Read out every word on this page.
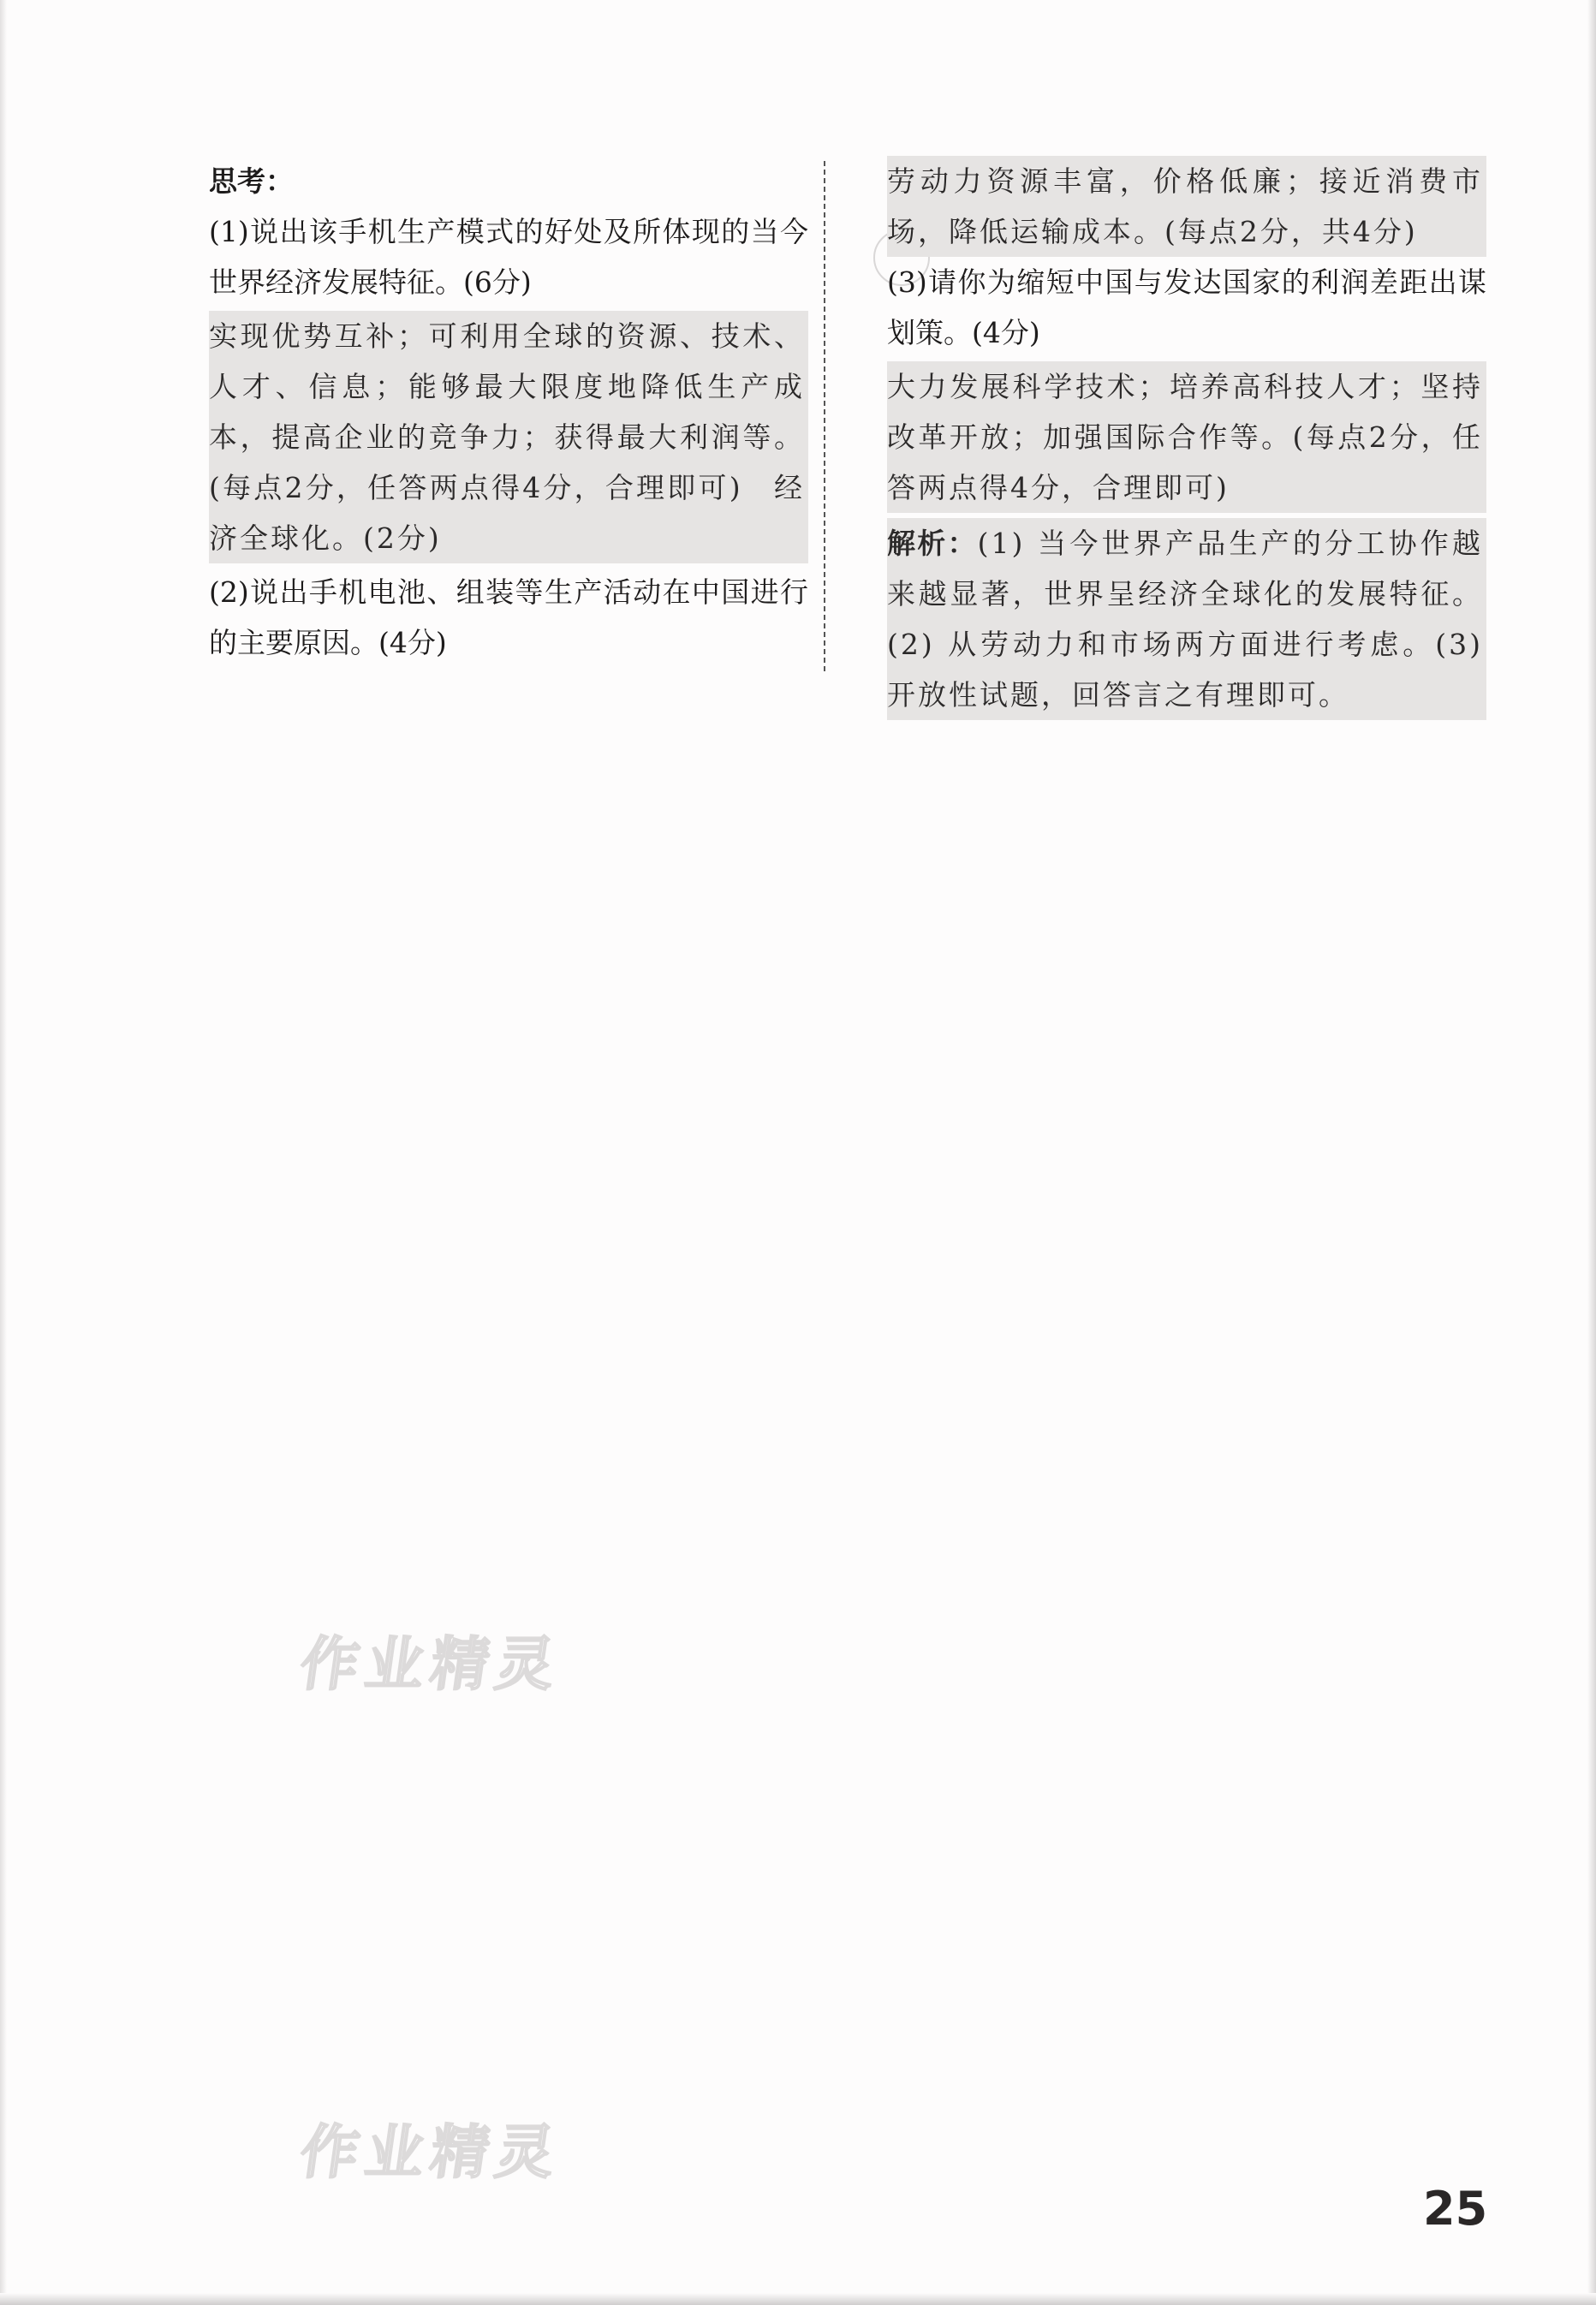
思考：

(1)说出该手机生产模式的好处及所体现的当今世界经济发展特征。(6分)

实现优势互补；可利用全球的资源、技术、人才、信息；能够最大限度地降低生产成本，提高企业的竞争力；获得最大利润等。(每点2分，任答两点得4分，合理即可)　经济全球化。(2分)

(2)说出手机电池、组装等生产活动在中国进行的主要原因。(4分)

劳动力资源丰富，价格低廉；接近消费市场，降低运输成本。(每点2分，共4分)

(3)请你为缩短中国与发达国家的利润差距出谋划策。(4分)

大力发展科学技术；培养高科技人才；坚持改革开放；加强国际合作等。(每点2分，任答两点得4分，合理即可)

解析：(1) 当今世界产品生产的分工协作越来越显著，世界呈经济全球化的发展特征。(2) 从劳动力和市场两方面进行考虑。(3) 开放性试题，回答言之有理即可。

作业精灵
作业精灵
25
